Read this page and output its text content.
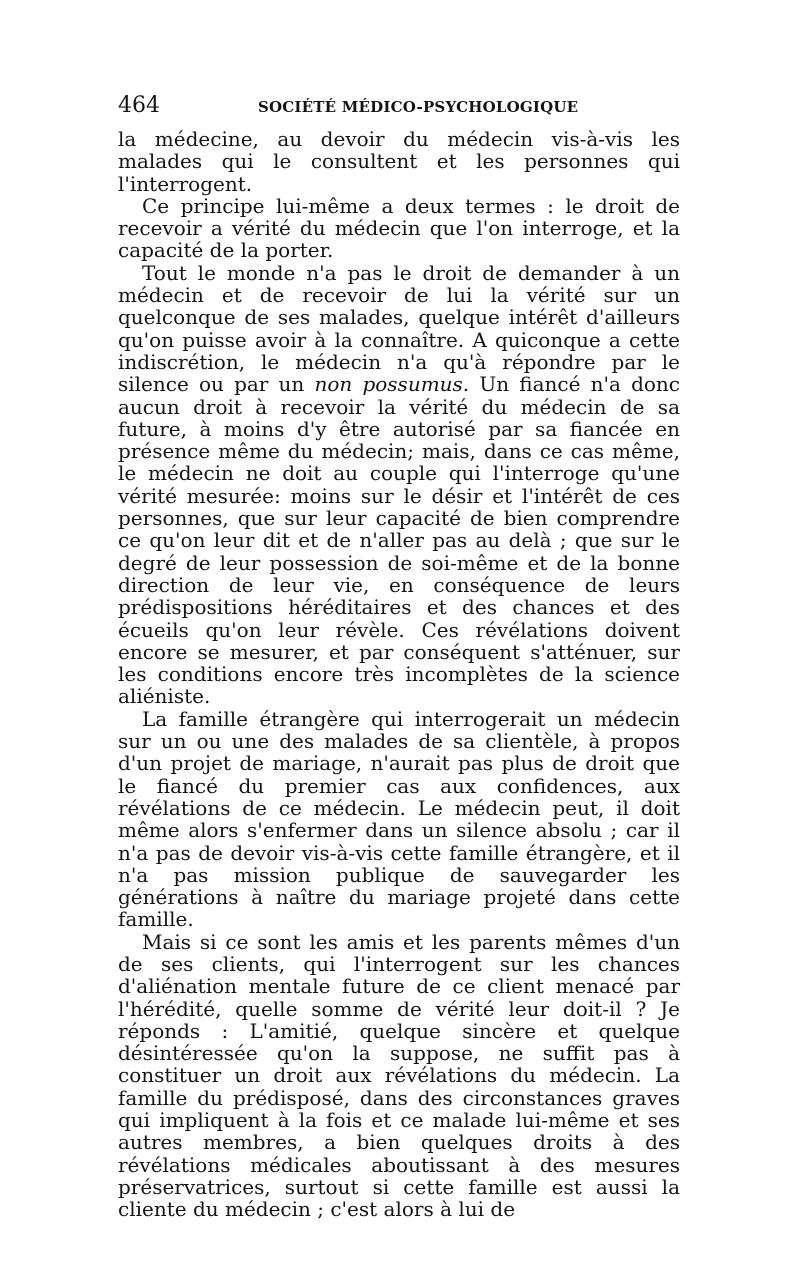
464	SOCIÉTÉ MÉDICO-PSYCHOLOGIQUE

la médecine, au devoir du médecin vis-à-vis les malades qui le consultent et les personnes qui l'interrogent.

Ce principe lui-même a deux termes : le droit de recevoir a vérité du médecin que l'on interroge, et la capacité de la porter.

Tout le monde n'a pas le droit de demander à un médecin et de recevoir de lui la vérité sur un quelconque de ses malades, quelque intérêt d'ailleurs qu'on puisse avoir à la connaître. A quiconque a cette indiscrétion, le médecin n'a qu'à répondre par le silence ou par un non possumus. Un fiancé n'a donc aucun droit à recevoir la vérité du médecin de sa future, à moins d'y être autorisé par sa fiancée en présence même du médecin; mais, dans ce cas même, le médecin ne doit au couple qui l'interroge qu'une vérité mesurée: moins sur le désir et l'intérêt de ces personnes, que sur leur capacité de bien comprendre ce qu'on leur dit et de n'aller pas au delà ; que sur le degré de leur possession de soi-même et de la bonne direction de leur vie, en conséquence de leurs prédispositions héréditaires et des chances et des écueils qu'on leur révèle. Ces révélations doivent encore se mesurer, et par conséquent s'atténuer, sur les conditions encore très incomplètes de la science aliéniste.

La famille étrangère qui interrogerait un médecin sur un ou une des malades de sa clientèle, à propos d'un projet de mariage, n'aurait pas plus de droit que le fiancé du premier cas aux confidences, aux révélations de ce médecin. Le médecin peut, il doit même alors s'enfermer dans un silence absolu ; car il n'a pas de devoir vis-à-vis cette famille étrangère, et il n'a pas mission publique de sauvegarder les générations à naître du mariage projeté dans cette famille.

Mais si ce sont les amis et les parents mêmes d'un de ses clients, qui l'interrogent sur les chances d'aliénation mentale future de ce client menacé par l'hérédité, quelle somme de vérité leur doit-il ? Je réponds : L'amitié, quelque sincère et quelque désintéressée qu'on la suppose, ne suffit pas à constituer un droit aux révélations du médecin. La famille du prédisposé, dans des circonstances graves qui impliquent à la fois et ce malade lui-même et ses autres membres, a bien quelques droits à des révélations médicales aboutissant à des mesures préservatrices, surtout si cette famille est aussi la cliente du médecin ; c'est alors à lui de
